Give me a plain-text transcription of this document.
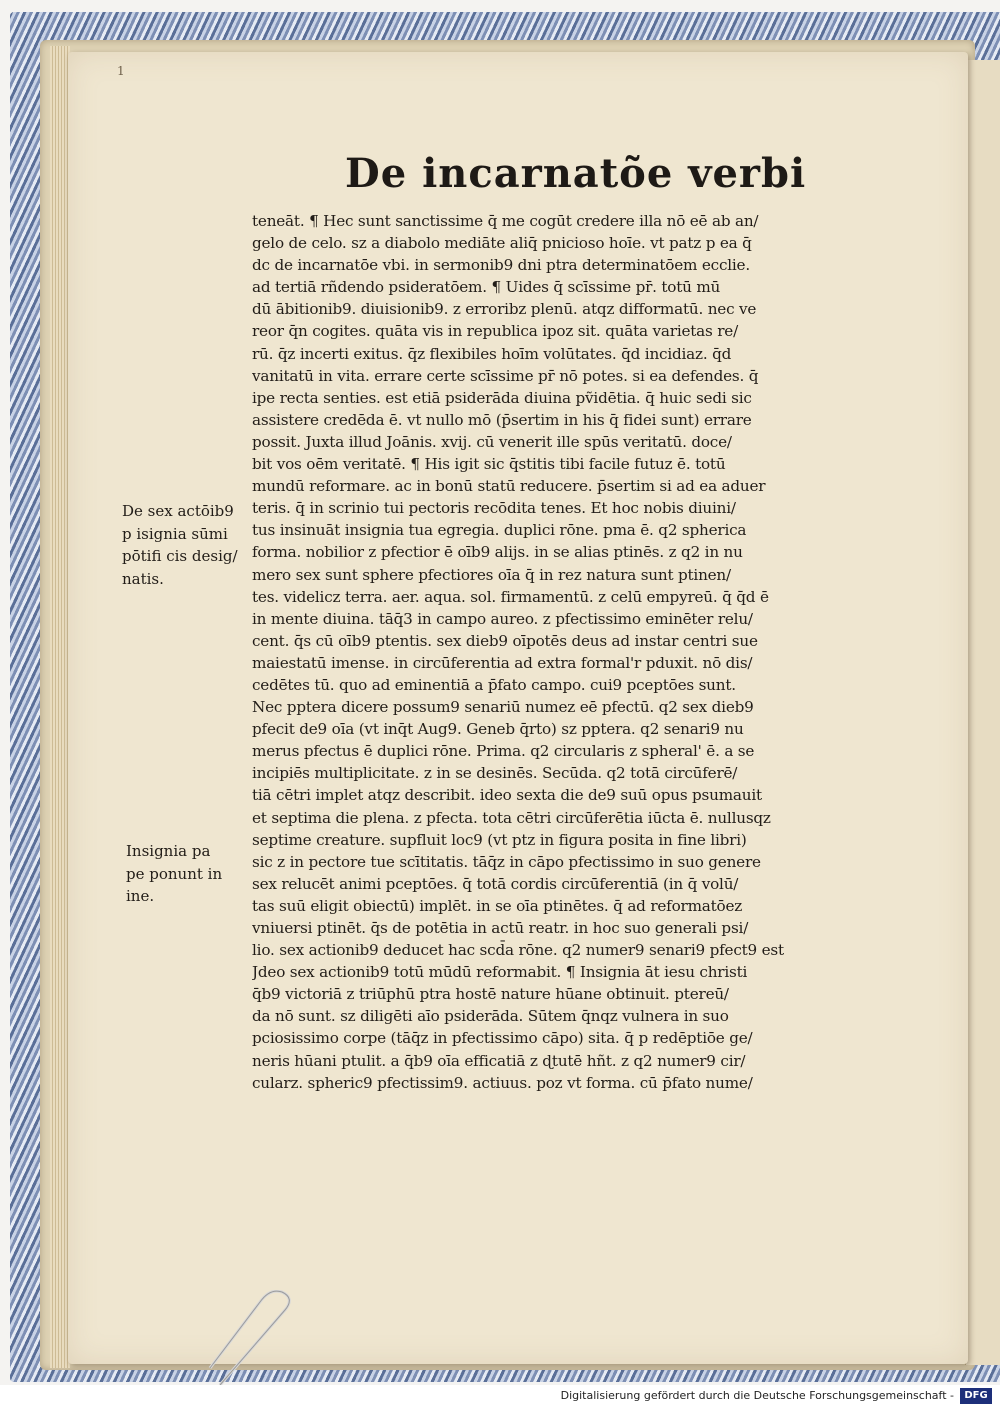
1
De incarnatõe verbi
teneāt. ¶ Hec sunt sanctissime q̄ me cogūt credere illa nō eē ab an/
gelo de celo. sz a diabolo mediāte aliq̄ pnicioso hoīe. vt patz p ea q̄
dc de incarnatōe vbi. in sermonib9 dni ptra determinatōem ecclie.
ad tertiā rñdendo psideratōem. ¶ Uides q̄ scīssime pr̄. totū mū
dū ābitionib9. diuisionib9. z erroribz plenū. atqz difformatū. nec ve
reor q̄n cogites. quāta vis in republica ipoz sit. quāta varietas re/
rū. q̄z incerti exitus. q̄z flexibiles hoīm volūtates. q̄d incidiaz. q̄d
vanitatū in vita. errare certe scīssime pr̄ nō potes. si ea defendes. q̄
ipe recta senties. est etiā psiderāda diuina pṽidētia. q̄ huic sedi sic
assistere credēda ē. vt nullo mō (p̄sertim in his q̄ fidei sunt) errare
possit. Juxta illud Joānis. xvij. cū venerit ille spūs veritatū. doce/
bit vos oēm veritatē. ¶ His igit sic q̄stitis tibi facile futuz ē. totū
mundū reformare. ac in bonū statū reducere. p̄sertim si ad ea aduer
teris. q̄ in scrinio tui pectoris recōdita tenes. Et hoc nobis diuini/
tus insinuāt insignia tua egregia. duplici rōne. pma ē. q2 spherica
forma. nobilior z pfectior ē oīb9 alijs. in se alias ptinēs. z q2 in nu
mero sex sunt sphere pfectiores oīa q̄ in rez natura sunt ptinen/
tes. videlicz terra. aer. aqua. sol. firmamentū. z celū empyreū. q̄ q̄d ē
in mente diuina. tāq̄3 in campo aureo. z pfectissimo eminēter relu/
cent. q̄s cū oīb9 ptentis. sex dieb9 oīpotēs deus ad instar centri sue
maiestatū imense. in circūferentia ad extra formal'r pduxit. nō dis/
cedētes tū. quo ad eminentiā a p̄fato campo. cui9 pceptōes sunt.
Nec pptera dicere possum9 senariū numez eē pfectū. q2 sex dieb9
pfecit de9 oīa (vt inq̄t Aug9. Geneb q̄rto) sz pptera. q2 senari9 nu
merus pfectus ē duplici rōne. Prima. q2 circularis z spheral' ē. a se
incipiēs multiplicitate. z in se desinēs. Secūda. q2 totā circūferē/
tiā cētri implet atqz describit. ideo sexta die de9 suū opus psumauit
et septima die plena. z pfecta. tota cētri circūferētia iūcta ē. nullusqz
septime creature. supfluit loc9 (vt ptz in figura posita in fine libri)
sic z in pectore tue scītitatis. tāq̄z in cāpo pfectissimo in suo genere
sex relucēt animi pceptōes. q̄ totā cordis circūferentiā (in q̄ volū/
tas suū eligit obiectū) implēt. in se oīa ptinētes. q̄ ad reformatōez
vniuersi ptinēt. q̄s de potētia in actū reatr. in hoc suo generali psi/
lio. sex actionib9 deducet hac scd̄a rōne. q2 numer9 senari9 pfect9 est
Jdeo sex actionib9 totū mūdū reformabit. ¶ Insignia āt iesu christi
q̄b9 victoriā z triūphū ptra hostē nature hūane obtinuit. ptereū/
da nō sunt. sz diligēti aīo psiderāda. Sūtem q̄nqz vulnera in suo
pciosissimo corpe (tāq̄z in pfectissimo cāpo) sita. q̄ p redēptiōe ge/
neris hūani ptulit. a q̄b9 oīa efficatiā z ɖtutē hñt. z q2 numer9 cir/
cularz. spheric9 pfectissim9. actiuus. poz vt forma. cū p̄fato nume/
De sex actōib9
p isignia sūmi
pōtifi cis desig/
natis.
Insignia pa
pe ponunt in
ine.
Digitalisierung gefördert durch die Deutsche Forschungsgemeinschaft -	DFG
